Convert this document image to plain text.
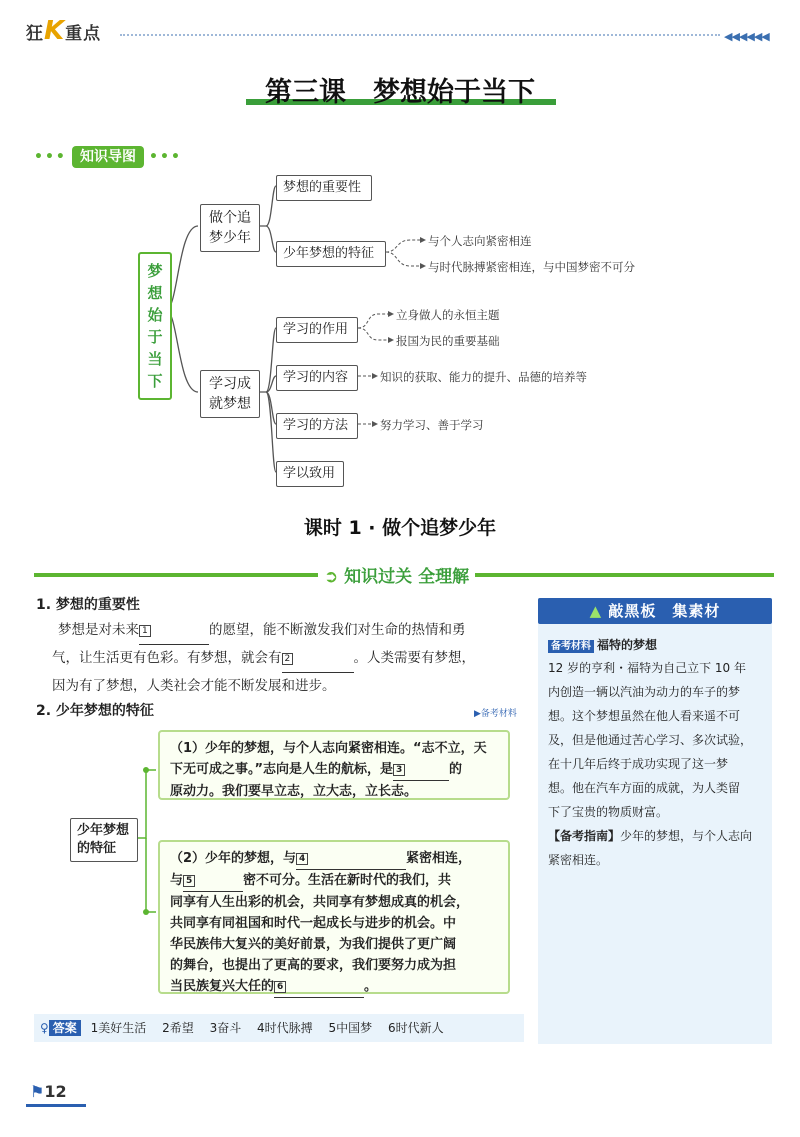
狂K重点	◀◀◀◀◀◀
第三课　梦想始于当下
••• 知识导图 •••
梦
想
始
于
当
下
做个追
梦少年
梦想的重要性
少年梦想的特征
与个人志向紧密相连
与时代脉搏紧密相连，与中国梦密不可分
学习成
就梦想
学习的作用
立身做人的永恒主题
报国为民的重要基础
学习的内容	知识的获取、能力的提升、品德的培养等
学习的方法	努力学习、善于学习
学以致用
课时 1 · 做个追梦少年
➲ 知识过关 全理解
1. 梦想的重要性
梦想是对未来 1	的愿望，能不断激发我们对生命的热情和勇
气，让生活更有色彩。有梦想，就会有 2	。人类需要有梦想，
因为有了梦想，人类社会才能不断发展和进步。
2. 少年梦想的特征	▶备考材料
少年梦想
的特征
（1）少年的梦想，与个人志向紧密相连。“志不立，天
下无可成之事。”志向是人生的航标，是 3	的
原动力。我们要早立志，立大志，立长志。
（2）少年的梦想，与 4	紧密相连，
与 5	密不可分。生活在新时代的我们，共
同享有人生出彩的机会，共同享有梦想成真的机会，
共同享有同祖国和时代一起成长与进步的机会。中
华民族伟大复兴的美好前景，为我们提供了更广阔
的舞台，也提出了更高的要求，我们要努力成为担
当民族复兴大任的 6	。
▲ 敲黑板　集素材
备考材料 福特的梦想
12 岁的亨利・福特为自己立下 10 年
内创造一辆以汽油为动力的车子的梦
想。这个梦想虽然在他人看来遥不可
及，但是他通过苦心学习、多次试验，
在十几年后终于成功实现了这一梦
想。他在汽车方面的成就，为人类留
下了宝贵的物质财富。
【备考指南】少年的梦想，与个人志向
紧密相连。
♀ 答案 1美好生活 2希望 3奋斗 4时代脉搏 5中国梦 6时代新人
⚑12
